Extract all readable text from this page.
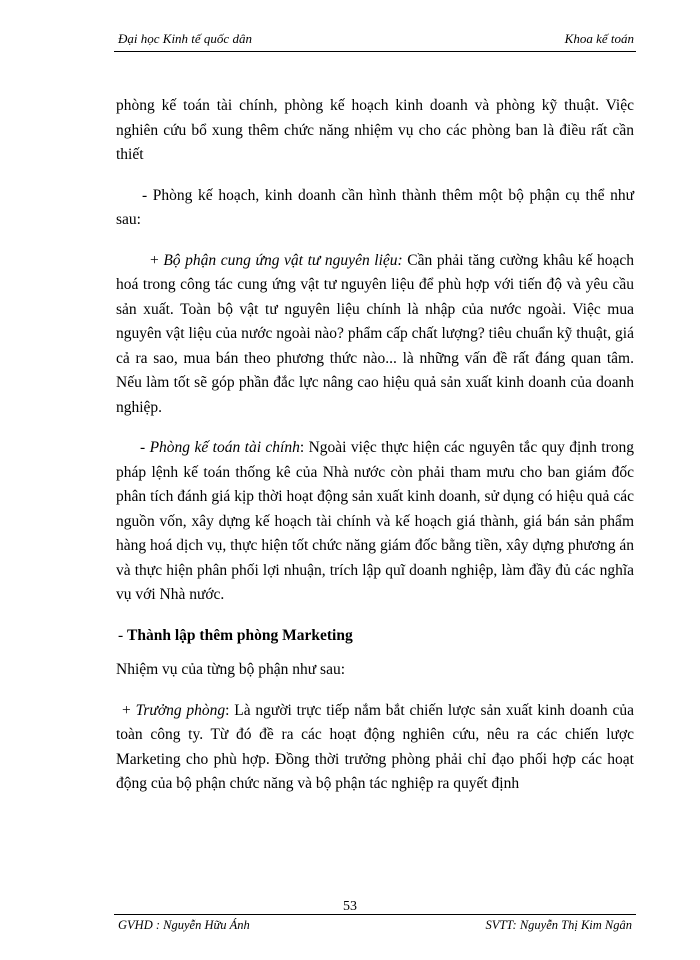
Đại học Kinh tế quốc dân	Khoa kế toán

phòng kế toán tài chính, phòng kế hoạch kinh doanh và phòng kỹ thuật. Việc nghiên cứu bổ xung thêm chức năng nhiệm vụ cho các phòng ban là điều rất cần thiết

- Phòng kế hoạch, kinh doanh cần hình thành thêm một bộ phận cụ thể như sau:

+ Bộ phận cung ứng vật tư nguyên liệu: Cần phải tăng cường khâu kế hoạch hoá trong công tác cung ứng vật tư nguyên liệu để phù hợp với tiến độ và yêu cầu sản xuất. Toàn bộ vật tư nguyên liệu chính là nhập của nước ngoài. Việc mua nguyên vật liệu của nước ngoài nào? phẩm cấp chất lượng? tiêu chuẩn kỹ thuật, giá cả ra sao, mua bán theo phương thức nào... là những vấn đề rất đáng quan tâm. Nếu làm tốt sẽ góp phần đắc lực nâng cao hiệu quả sản xuất kinh doanh của doanh nghiệp.

- Phòng kế toán tài chính: Ngoài việc thực hiện các nguyên tắc quy định trong pháp lệnh kế toán thống kê của Nhà nước còn phải tham mưu cho ban giám đốc phân tích đánh giá kịp thời hoạt động sản xuất kinh doanh, sử dụng có hiệu quả các nguồn vốn, xây dựng kế hoạch tài chính và kế hoạch giá thành, giá bán sản phẩm hàng hoá dịch vụ, thực hiện tốt chức năng giám đốc bằng tiền, xây dựng phương án và thực hiện phân phối lợi nhuận, trích lập quĩ doanh nghiệp, làm đầy đủ các nghĩa vụ với Nhà nước.

- Thành lập thêm phòng Marketing

Nhiệm vụ của từng bộ phận như sau:

+ Trưởng phòng: Là người trực tiếp nắm bắt chiến lược sản xuất kinh doanh của toàn công ty. Từ đó đề ra các hoạt động nghiên cứu, nêu ra các chiến lược Marketing cho phù hợp. Đồng thời trưởng phòng phải chỉ đạo phối hợp các hoạt động của bộ phận chức năng và bộ phận tác nghiệp ra quyết định

53
GVHD : Nguyễn Hữu Ánh	SVTT: Nguyễn Thị Kim Ngân
